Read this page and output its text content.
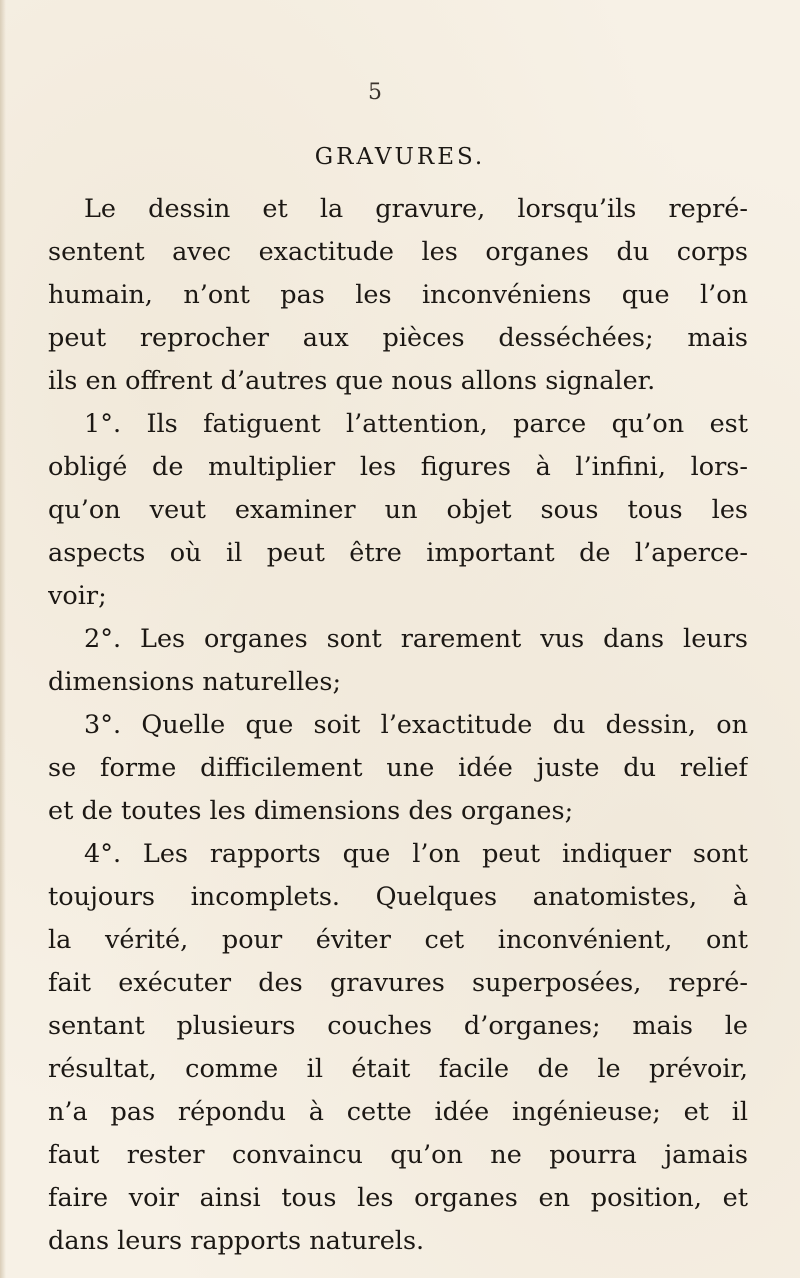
5
GRAVURES.
Le dessin et la gravure, lorsqu’ils repré-
sentent avec exactitude les organes du corps
humain, n’ont pas les inconvéniens que l’on
peut reprocher aux pièces desséchées; mais
ils en offrent d’autres que nous allons signaler.
1°. Ils fatiguent l’attention, parce qu’on est
obligé de multiplier les figures à l’infini, lors-
qu’on veut examiner un objet sous tous les
aspects où il peut être important de l’aperce-
voir;
2°. Les organes sont rarement vus dans leurs
dimensions naturelles;
3°. Quelle que soit l’exactitude du dessin, on
se forme difficilement une idée juste du relief
et de toutes les dimensions des organes;
4°. Les rapports que l’on peut indiquer sont
toujours incomplets. Quelques anatomistes, à
la vérité, pour éviter cet inconvénient, ont
fait exécuter des gravures superposées, repré-
sentant plusieurs couches d’organes; mais le
résultat, comme il était facile de le prévoir,
n’a pas répondu à cette idée ingénieuse; et il
faut rester convaincu qu’on ne pourra jamais
faire voir ainsi tous les organes en position, et
dans leurs rapports naturels.
